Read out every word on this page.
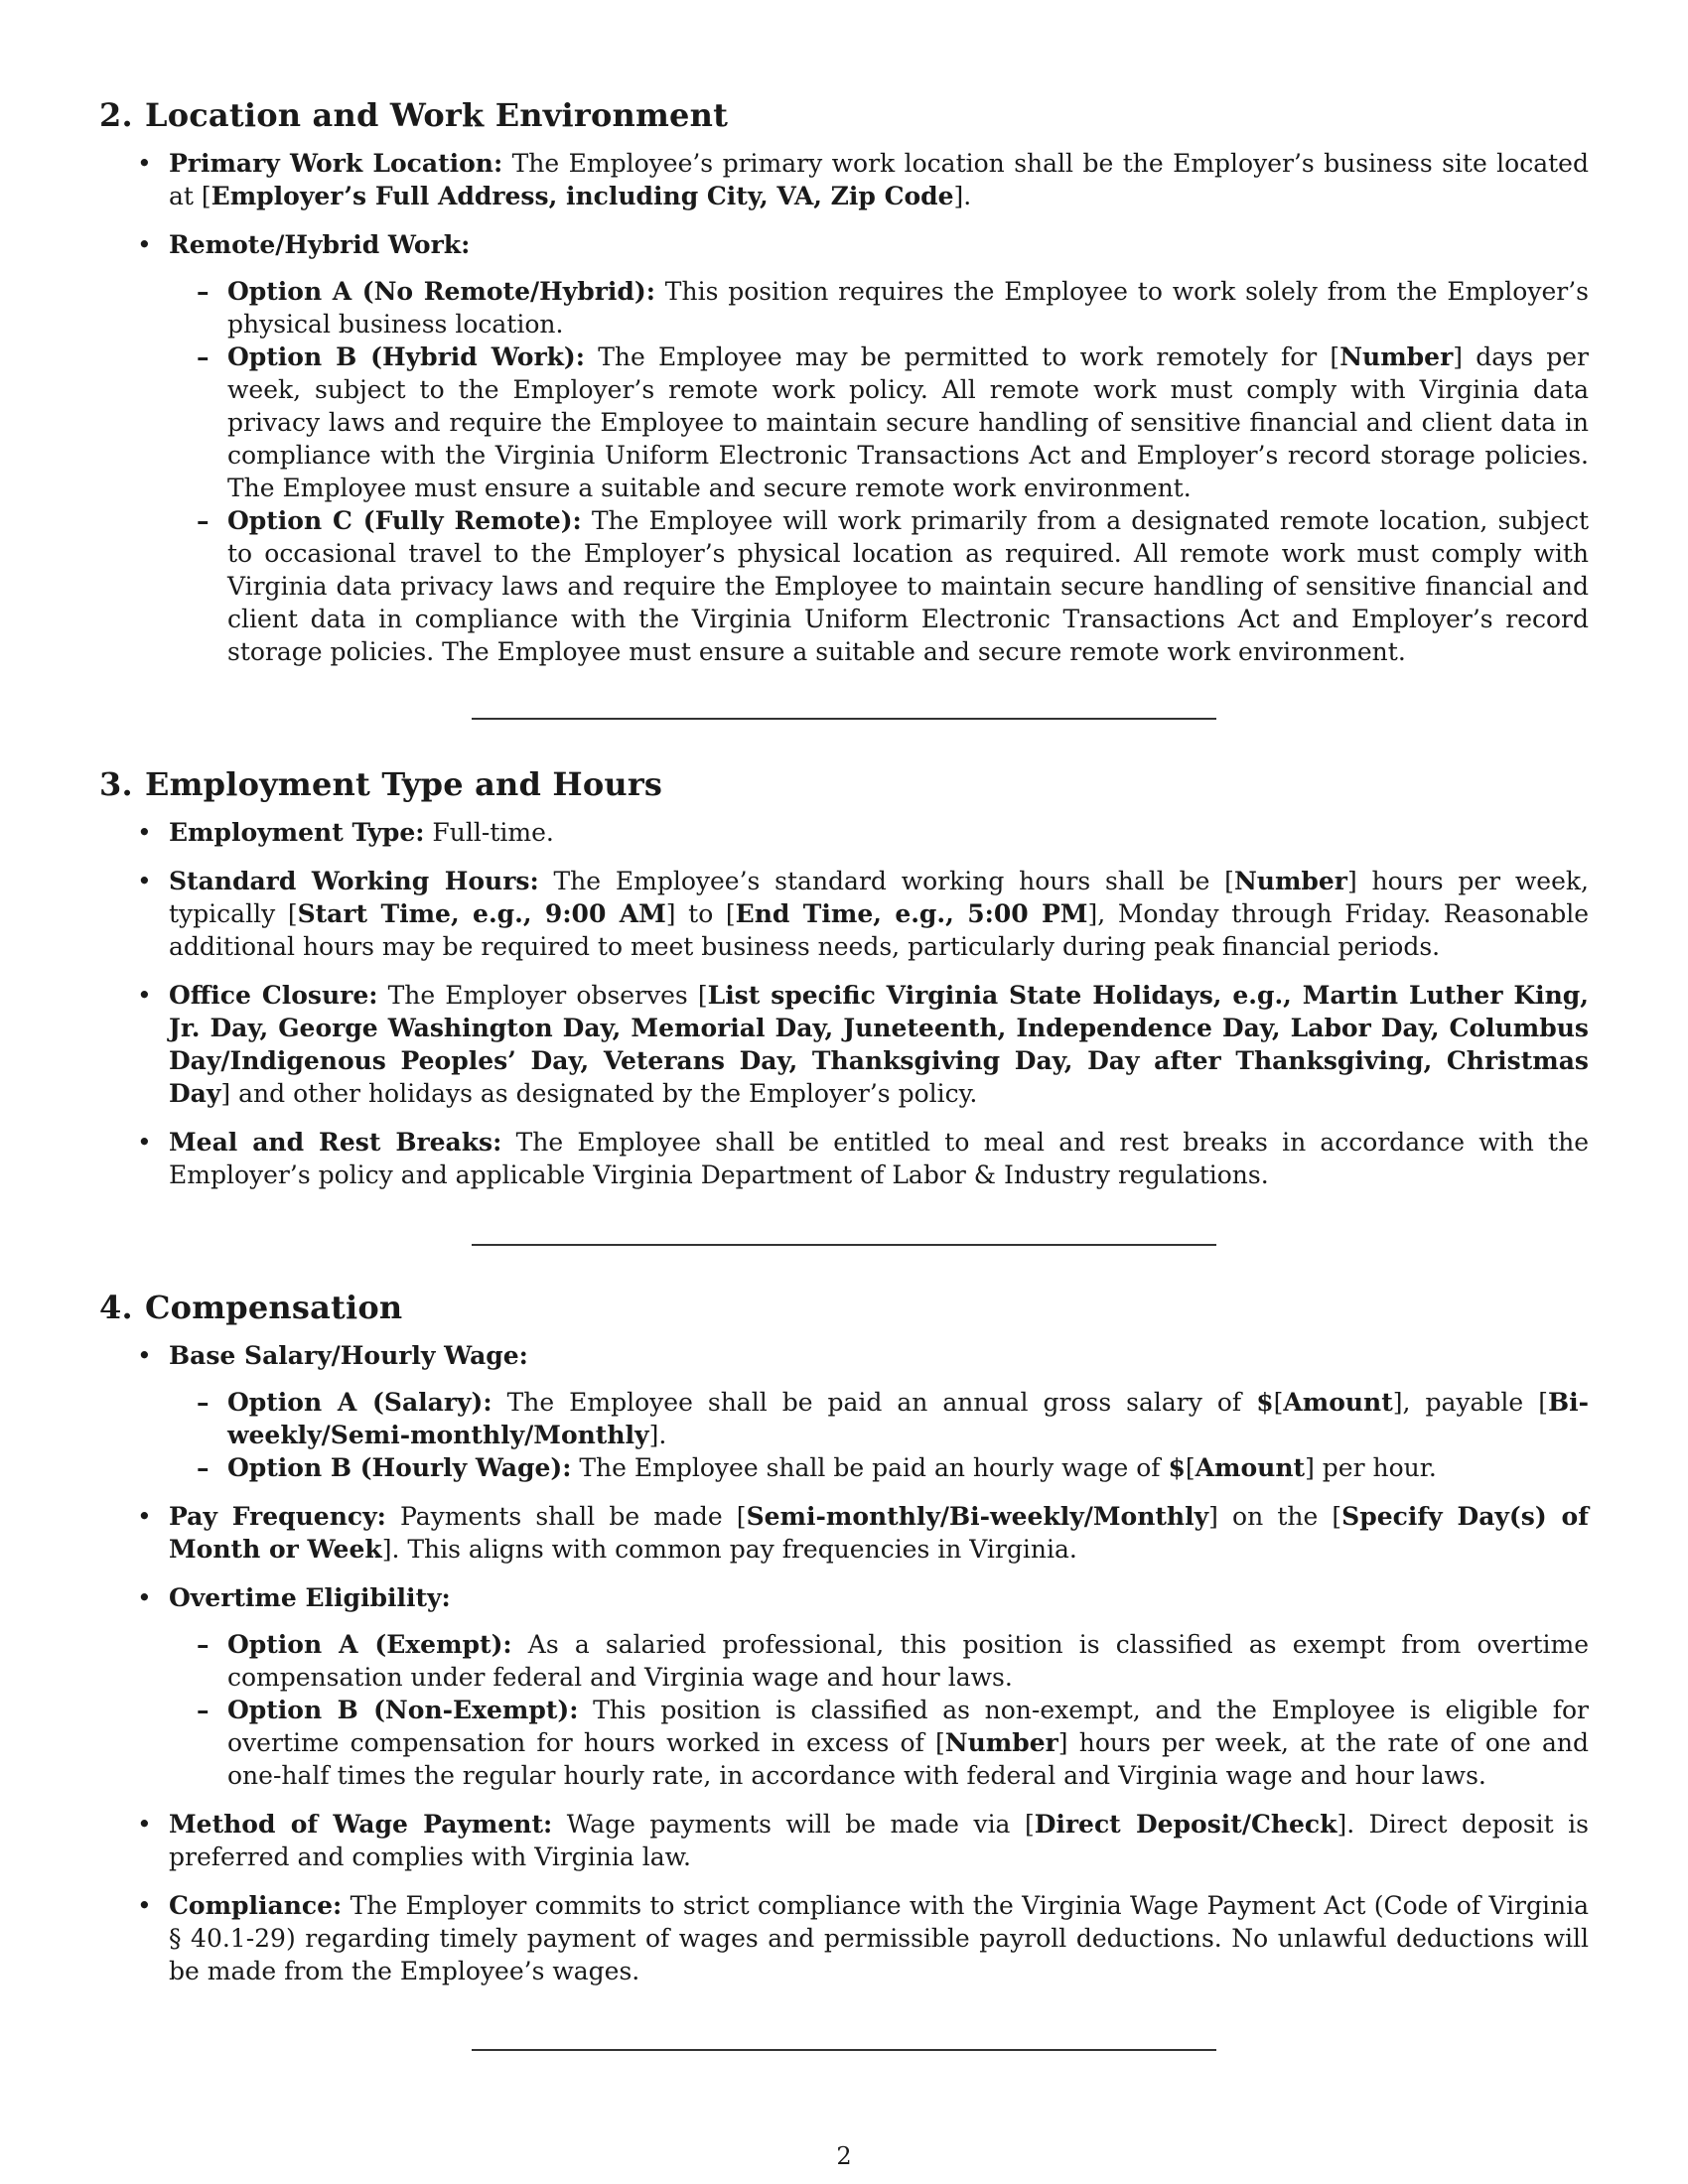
2. Location and Work Environment
• Primary Work Location: The Employee’s primary work location shall be the Employer’s business site located at [Employer’s Full Address, including City, VA, Zip Code].
• Remote/Hybrid Work:
– Option A (No Remote/Hybrid): This position requires the Employee to work solely from the Employer’s physical business location.
– Option B (Hybrid Work): The Employee may be permitted to work remotely for [Number] days per week, subject to the Employer’s remote work policy. All remote work must comply with Virginia data privacy laws and require the Employee to maintain secure handling of sensitive financial and client data in compliance with the Virginia Uniform Electronic Transactions Act and Employer’s record storage policies. The Employee must ensure a suitable and secure remote work environment.
– Option C (Fully Remote): The Employee will work primarily from a designated remote location, subject to occasional travel to the Employer’s physical location as required. All remote work must comply with Virginia data privacy laws and require the Employee to maintain secure handling of sensitive financial and client data in compliance with the Virginia Uniform Electronic Transactions Act and Employer’s record storage policies. The Employee must ensure a suitable and secure remote work environment.
3. Employment Type and Hours
• Employment Type: Full-time.
• Standard Working Hours: The Employee’s standard working hours shall be [Number] hours per week, typically [Start Time, e.g., 9:00 AM] to [End Time, e.g., 5:00 PM], Monday through Friday. Reasonable additional hours may be required to meet business needs, particularly during peak financial periods.
• Office Closure: The Employer observes [List specific Virginia State Holidays, e.g., Martin Luther King, Jr. Day, George Washington Day, Memorial Day, Juneteenth, Independence Day, Labor Day, Columbus Day/Indigenous Peoples’ Day, Veterans Day, Thanksgiving Day, Day after Thanksgiving, Christmas Day] and other holidays as designated by the Employer’s policy.
• Meal and Rest Breaks: The Employee shall be entitled to meal and rest breaks in accordance with the Employer’s policy and applicable Virginia Department of Labor & Industry regulations.
4. Compensation
• Base Salary/Hourly Wage:
– Option A (Salary): The Employee shall be paid an annual gross salary of $[Amount], payable [Bi-weekly/Semi-monthly/Monthly].
– Option B (Hourly Wage): The Employee shall be paid an hourly wage of $[Amount] per hour.
• Pay Frequency: Payments shall be made [Semi-monthly/Bi-weekly/Monthly] on the [Specify Day(s) of Month or Week]. This aligns with common pay frequencies in Virginia.
• Overtime Eligibility:
– Option A (Exempt): As a salaried professional, this position is classified as exempt from overtime compensation under federal and Virginia wage and hour laws.
– Option B (Non-Exempt): This position is classified as non-exempt, and the Employee is eligible for overtime compensation for hours worked in excess of [Number] hours per week, at the rate of one and one-half times the regular hourly rate, in accordance with federal and Virginia wage and hour laws.
• Method of Wage Payment: Wage payments will be made via [Direct Deposit/Check]. Direct deposit is preferred and complies with Virginia law.
• Compliance: The Employer commits to strict compliance with the Virginia Wage Payment Act (Code of Virginia § 40.1-29) regarding timely payment of wages and permissible payroll deductions. No unlawful deductions will be made from the Employee’s wages.
2
